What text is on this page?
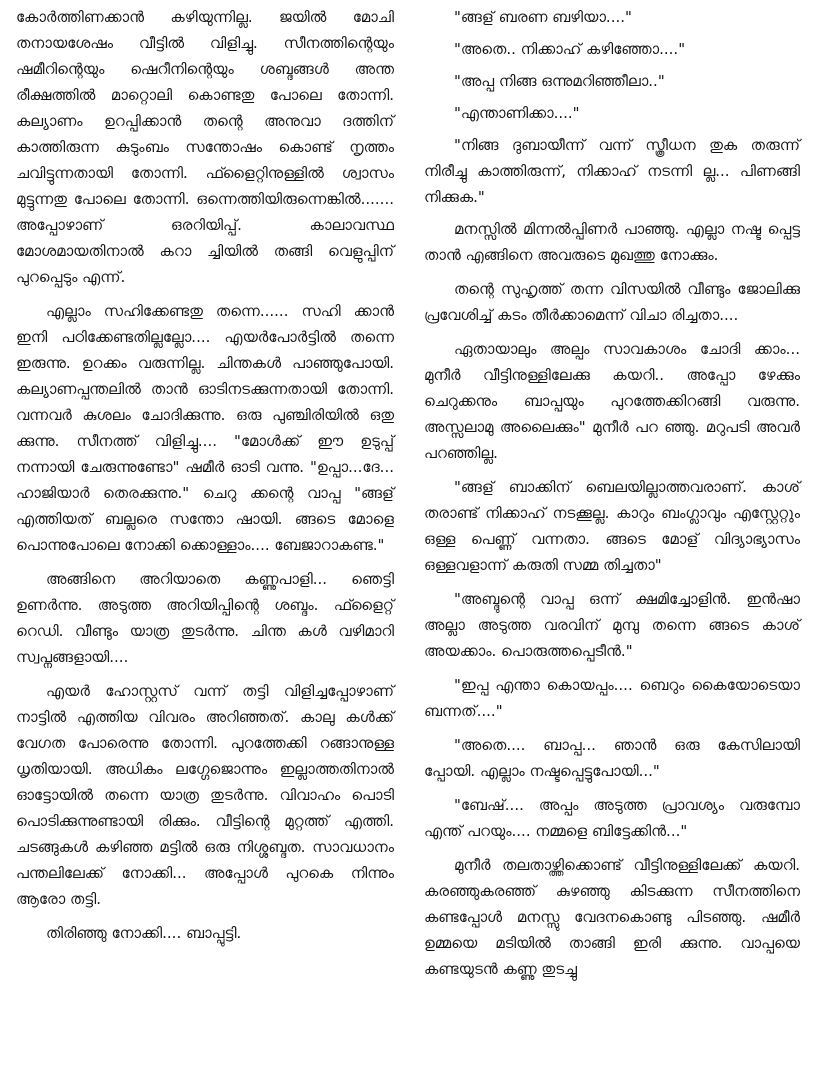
കോർത്തിണക്കാൻ കഴിയുന്നില്ല. ജയിൽ മോചി തനായശേഷം വീട്ടിൽ വിളിച്ചു. സീനത്തിന്റെയും ഷമീറിന്റെയും ഷെറീനിന്റെയും ശബ്ദങ്ങൾ അന്ത രീക്ഷത്തിൽ മാറ്റൊലി കൊണ്ടതു പോലെ തോന്നി. കല്യാണം ഉറപ്പിക്കാൻ തന്റെ അനുവാ ദത്തിന് കാത്തിരുന്ന കുടുംബം സന്തോഷം കൊണ്ട് നൃത്തം ചവിട്ടുന്നതായി തോന്നി. ഫ്ളൈറ്റിനുള്ളിൽ ശ്വാസം മുട്ടുന്നതു പോലെ തോന്നി. ഒന്നെത്തിയിരുന്നെങ്കിൽ....... അപ്പോഴാണ് ഒരറിയിപ്പ്. കാലാവസ്ഥ മോശമായതിനാൽ കറാ ച്ചിയിൽ തങ്ങി വെളുപ്പിന് പുറപ്പെടും എന്ന്.

എല്ലാം സഹിക്കേണ്ടതു തന്നെ...... സഹി ക്കാൻ ഇനി പഠിക്കേണ്ടതില്ലല്ലോ.... എയർപോർട്ടിൽ തന്നെ ഇരുന്നു. ഉറക്കം വരുന്നില്ല. ചിന്തകൾ പാഞ്ഞുപോയി. കല്യാണപ്പന്തലിൽ താൻ ഓടിനടക്കുന്നതായി തോന്നി. വന്നവർ കുശലം ചോദിക്കുന്നു. ഒരു പുഞ്ചിരിയിൽ ഒതു ക്കുന്നു. സീനത്ത് വിളിച്ചു.... "മോൾക്ക് ഈ ഉടുപ്പ് നന്നായി ചേരുന്നുണ്ടോ" ഷമീർ ഓടി വന്നു. "ഉപ്പാ...ദേ... ഹാജിയാർ തെരക്കുന്നു." ചെറു ക്കന്റെ വാപ്പ "ങ്ങള് എത്തിയത് ബല്ലരെ സന്തോ ഷായി. ങ്ങടെ മോളെ പൊന്നുപോലെ നോക്കി ക്കൊള്ളാം.... ബേജാറാകണ്ട."

അങ്ങിനെ അറിയാതെ കണ്ണുപാളി... ഞെട്ടി ഉണർന്നു. അടുത്ത അറിയിപ്പിന്റെ ശബ്ദം. ഫ്ളൈറ്റ് റെഡി. വീണ്ടും യാത്ര തുടർന്നു. ചിന്ത കൾ വഴിമാറി സ്വപ്നങ്ങളായി....

എയർ ഹോസ്റ്റസ് വന്ന് തട്ടി വിളിച്ചപ്പോഴാണ് നാട്ടിൽ എത്തിയ വിവരം അറിഞ്ഞത്. കാലു കൾക്ക് വേഗത പോരെന്നു തോന്നി. പുറത്തേക്കി റങ്ങാനുള്ള ധൃതിയായി. അധികം ലഗ്ഗേജൊന്നും ഇല്ലാത്തതിനാൽ ഓട്ടോയിൽ തന്നെ യാത്ര തുടർന്നു. വിവാഹം പൊടി പൊടിക്കുന്നുണ്ടായി രിക്കും. വീട്ടിന്റെ മുറ്റത്ത് എത്തി. ചടങ്ങുകൾ കഴിഞ്ഞ മട്ടിൽ ഒരു നിശ്ശബ്ദത. സാവധാനം പന്തലിലേക്ക് നോക്കി... അപ്പോൾ പുറകെ നിന്നും ആരോ തട്ടി.

തിരിഞ്ഞു നോക്കി.... ബാപ്പുട്ടി.

"ങ്ങള് ബരണ ബഴിയാ...."

"അതെ.. നിക്കാഹ് കഴിഞ്ഞോ...."

"അപ്പ നിങ്ങ ഒന്നുമറിഞ്ഞീലാ.."

"എന്താണിക്കാ...."

"നിങ്ങ ദുബായീന്ന് വന്ന് സ്ത്രീധന തുക തരുന്ന് നിരീച്ചു കാത്തിരുന്ന്, നിക്കാഹ് നടന്നി ല്ല... പിണങ്ങി നിക്കുക."

മനസ്സിൽ മിന്നൽപ്പിണർ പാഞ്ഞു. എല്ലാ നഷ്ട പ്പെട്ട താൻ എങ്ങിനെ അവരുടെ മുഖത്തു നോക്കും.

തന്റെ സുഹൃത്ത് തന്ന വിസയിൽ വീണ്ടും ജോലിക്കു പ്രവേശിച്ച് കടം തീർക്കാമെന്ന് വിചാ രിച്ചതാ....

ഏതായാലും അല്പം സാവകാശം ചോദി ക്കാം... മുനീർ വീട്ടിനുള്ളിലേക്കു കയറി.. അപ്പോ ഴേക്കും ചെറുക്കനും ബാപ്പയും പുറത്തേക്കിറങ്ങി വരുന്നു. അസ്സലാമു അലൈക്കും" മുനീർ പറ ഞ്ഞു. മറുപടി അവർ പറഞ്ഞില്ല.

"ങ്ങള് ബാക്കിന് ബെലയില്ലാത്തവരാണ്. കാശ് തരാണ്ട് നിക്കാഹ് നടക്കൂല്ല. കാറും ബംഗ്ലാവും എസ്റ്റേറ്റും ഒള്ള പെണ്ണ് വന്നതാ. ങ്ങടെ മോള് വിദ്യാഭ്യാസം ഒള്ളവളാന്ന് കരുതി സമ്മ തിച്ചതാ"

"അബ്ദുന്റെ വാപ്പ ഒന്ന് ക്ഷമിച്ചോളിൻ. ഇൻഷാ അല്ലാ അടുത്ത വരവിന് മുമ്പു തന്നെ ങ്ങടെ കാശ് അയക്കാം. പൊരുത്തപ്പെടീൻ."

"ഇപ്പ എന്താ കൊയപ്പം.... ബെറും കൈയോടെയാ ബന്നത്...."

"അതെ.... ബാപ്പ... ഞാൻ ഒരു കേസിലായി പ്പോയി. എല്ലാം നഷ്ടപ്പെട്ടുപോയി..."

"ബേഷ്.... അപ്പം അടുത്ത പ്രാവശ്യം വരുമ്പോ എന്ത് പറയും.... നമ്മളെ ബിട്ടേക്കിൻ..."

മുനീർ തലതാഴ്ത്തിക്കൊണ്ട് വീട്ടിനുള്ളിലേക്ക് കയറി. കരഞ്ഞുകരഞ്ഞ് കുഴഞ്ഞു കിടക്കുന്ന സീനത്തിനെ കണ്ടപ്പോൾ മനസ്സു വേദനകൊണ്ടു പിടഞ്ഞു. ഷമീർ ഉമ്മയെ മടിയിൽ താങ്ങി ഇരി ക്കുന്നു. വാപ്പയെ കണ്ടയുടൻ കണ്ണു തുടച്ചു
